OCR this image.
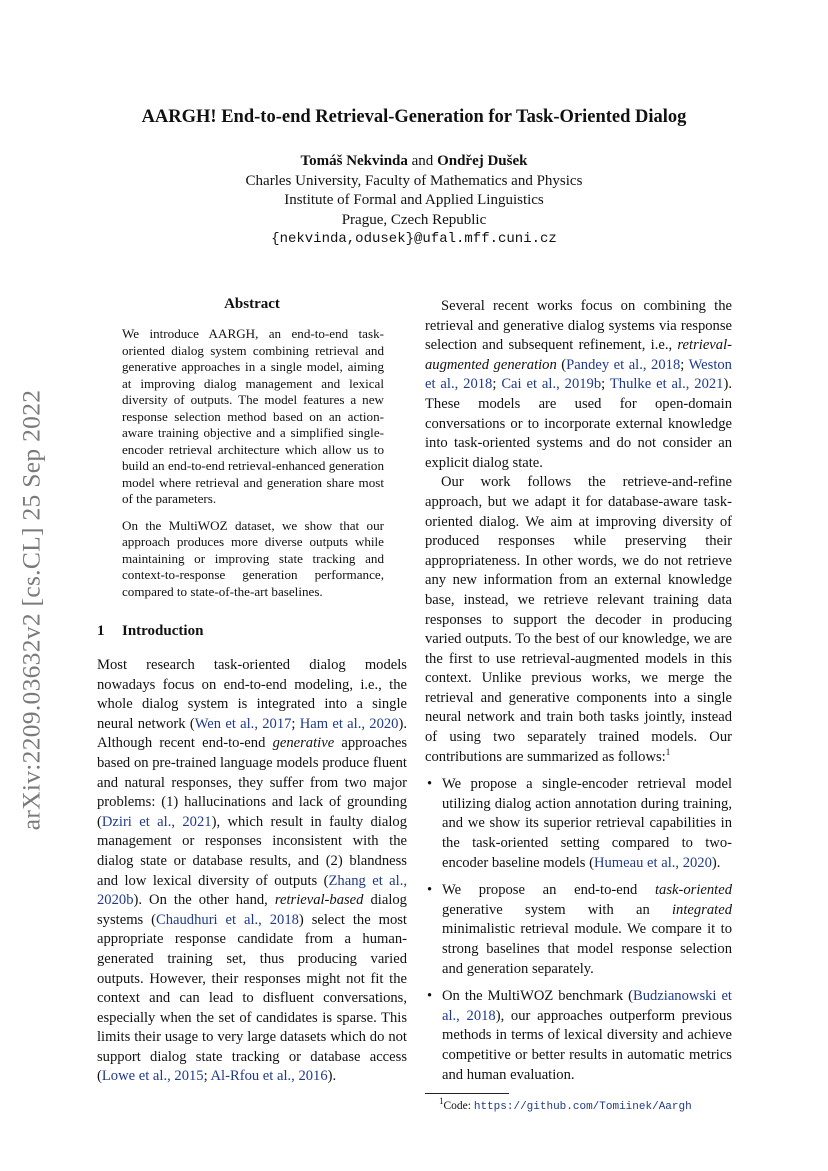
arXiv:2209.03632v2 [cs.CL] 25 Sep 2022
AARGH! End-to-end Retrieval-Generation for Task-Oriented Dialog
Tomáš Nekvinda and Ondřej Dušek
Charles University, Faculty of Mathematics and Physics
Institute of Formal and Applied Linguistics
Prague, Czech Republic
{nekvinda,odusek}@ufal.mff.cuni.cz
Abstract

We introduce AARGH, an end-to-end task-oriented dialog system combining retrieval and generative approaches in a single model, aiming at improving dialog management and lexical diversity of outputs. The model features a new response selection method based on an action-aware training objective and a simplified single-encoder retrieval architecture which allow us to build an end-to-end retrieval-enhanced generation model where retrieval and generation share most of the parameters.

On the MultiWOZ dataset, we show that our approach produces more diverse outputs while maintaining or improving state tracking and context-to-response generation performance, compared to state-of-the-art baselines.

1 Introduction

Most research task-oriented dialog models nowadays focus on end-to-end modeling, i.e., the whole dialog system is integrated into a single neural network (Wen et al., 2017; Ham et al., 2020). Although recent end-to-end generative approaches based on pre-trained language models produce fluent and natural responses, they suffer from two major problems: (1) hallucinations and lack of grounding (Dziri et al., 2021), which result in faulty dialog management or responses inconsistent with the dialog state or database results, and (2) blandness and low lexical diversity of outputs (Zhang et al., 2020b). On the other hand, retrieval-based dialog systems (Chaudhuri et al., 2018) select the most appropriate response candidate from a human-generated training set, thus producing varied outputs. However, their responses might not fit the context and can lead to disfluent conversations, especially when the set of candidates is sparse. This limits their usage to very large datasets which do not support dialog state tracking or database access (Lowe et al., 2015; Al-Rfou et al., 2016).

Several recent works focus on combining the retrieval and generative dialog systems via response selection and subsequent refinement, i.e., retrieval-augmented generation (Pandey et al., 2018; Weston et al., 2018; Cai et al., 2019b; Thulke et al., 2021). These models are used for open-domain conversations or to incorporate external knowledge into task-oriented systems and do not consider an explicit dialog state.

Our work follows the retrieve-and-refine approach, but we adapt it for database-aware task-oriented dialog. We aim at improving diversity of produced responses while preserving their appropriateness. In other words, we do not retrieve any new information from an external knowledge base, instead, we retrieve relevant training data responses to support the decoder in producing varied outputs. To the best of our knowledge, we are the first to use retrieval-augmented models in this context. Unlike previous works, we merge the retrieval and generative components into a single neural network and train both tasks jointly, instead of using two separately trained models. Our contributions are summarized as follows:$^1$

• We propose a single-encoder retrieval model utilizing dialog action annotation during training, and we show its superior retrieval capabilities in the task-oriented setting compared to two-encoder baseline models (Humeau et al., 2020).
• We propose an end-to-end task-oriented generative system with an integrated minimalistic retrieval module. We compare it to strong baselines that model response selection and generation separately.
• On the MultiWOZ benchmark (Budzianowski et al., 2018), our approaches outperform previous methods in terms of lexical diversity and achieve competitive or better results in automatic metrics and human evaluation.
$^1$Code: https://github.com/Tomiinek/Aargh
